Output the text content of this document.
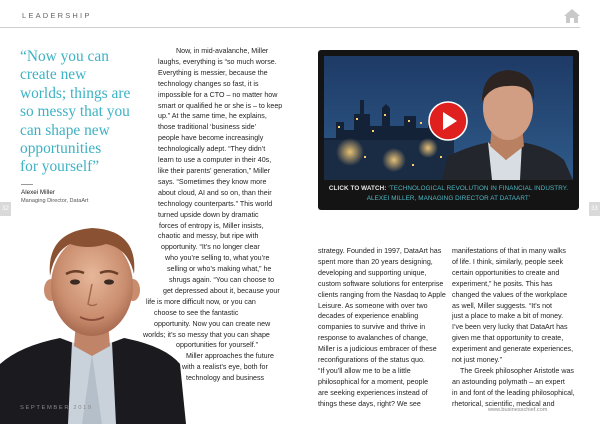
LEADERSHIP
32	33
“Now you can
create new
worlds; things are
so messy that you
can shape new
opportunities
for yourself”
Alexei Miller
Managing Director, DataArt
Now, in mid-avalanche, Miller
laughs, everything is “so much worse.
Everything is messier, because the
technology changes so fast, it is
impossible for a CTO – no matter how
smart or qualified he or she is – to keep
up.” At the same time, he explains,
those traditional ‘business side’
people have become increasingly
technologically adept. “They didn’t
learn to use a computer in their 40s,
like their parents’ generation,” Miller
says. “Sometimes they know more
about cloud, AI and so on, than their
technology counterparts.” This world
turned upside down by dramatic
forces of entropy is, Miller insists,
chaotic and messy, but ripe with
opportunity. “It’s no longer clear
who you’re selling to, what you’re
selling or who’s making what,” he
shrugs again. “You can choose to
get depressed about it, because your
life is more difficult now, or you can
choose to see the fantastic
opportunity. Now you can create new
worlds; it’s so messy that you can shape
opportunities for yourself.”
Miller approaches the future
with a realist’s eye, both for
technology and business
CLICK TO WATCH: ‘TECHNOLOGICAL REVOLUTION IN FINANCIAL INDUSTRY.
ALEXEI MILLER, MANAGING DIRECTOR AT DATAART’
strategy. Founded in 1997, DataArt has
spent more than 20 years designing,
developing and supporting unique,
custom software solutions for enterprise
clients ranging from the Nasdaq to Apple
Leisure. As someone with over two
decades of experience enabling
companies to survive and thrive in
response to avalanches of change,
Miller is a judicious embracer of these
reconfigurations of the status quo.
“If you’ll allow me to be a little
philosophical for a moment, people
are seeking experiences instead of
things these days, right? We see
manifestations of that in many walks
of life. I think, similarly, people seek
certain opportunities to create and
experiment,” he posits. This has
changed the values of the workplace
as well, Miller suggests. “It’s not
just a place to make a bit of money.
I’ve been very lucky that DataArt has
given me that opportunity to create,
experiment and generate experiences,
not just money.”
The Greek philosopher Aristotle was
an astounding polymath – an expert
in and font of the leading philosophical,
rhetorical, scientific, medical and
SEPTEMBER 2019	www.businesschief.com
